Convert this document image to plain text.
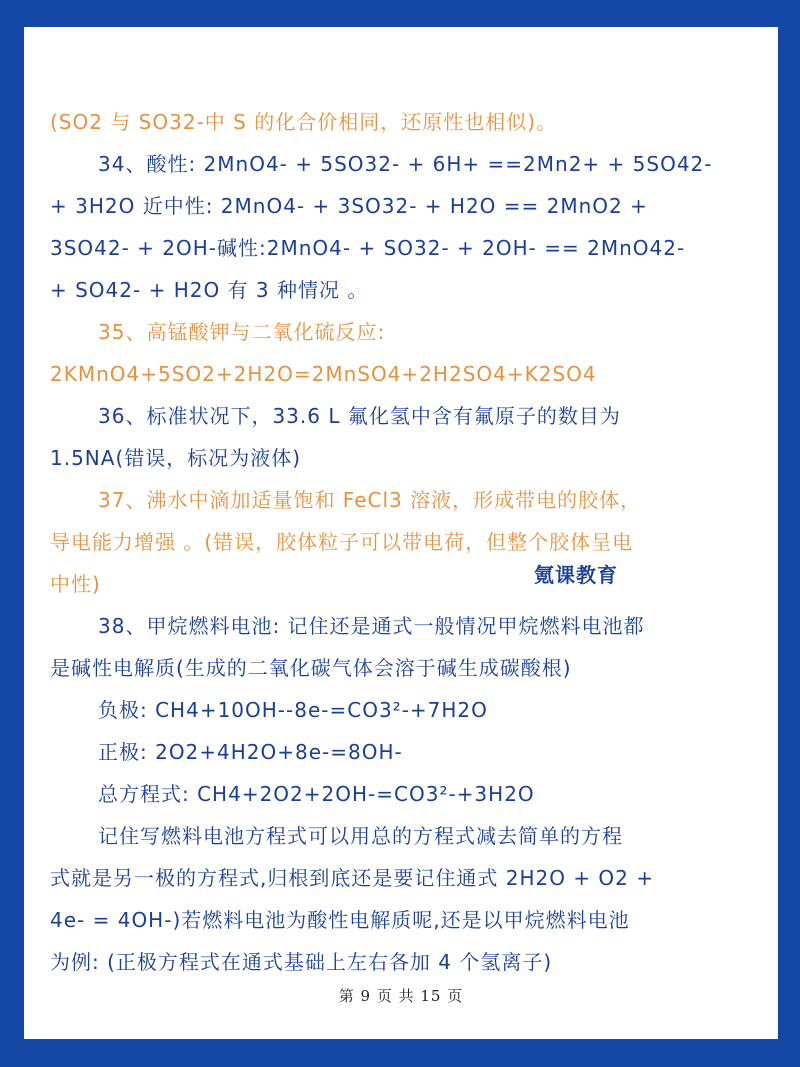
(SO2 与 SO32-中 S 的化合价相同，还原性也相似)。
34、酸性: 2MnO4- + 5SO32- + 6H+ ==2Mn2+ + 5SO42-
+ 3H2O 近中性: 2MnO4- + 3SO32- + H2O == 2MnO2 +
3SO42- + 2OH-碱性:2MnO4- + SO32- + 2OH- == 2MnO42-
+ SO42- + H2O 有 3 种情况 。
35、高锰酸钾与二氧化硫反应:
2KMnO4+5SO2+2H2O=2MnSO4+2H2SO4+K2SO4
36、标准状况下，33.6 L 氟化氢中含有氟原子的数目为
1.5NA(错误，标况为液体)
37、沸水中滴加适量饱和 FeCl3 溶液，形成带电的胶体，
导电能力增强 。(错误，胶体粒子可以带电荷，但整个胶体呈电
中性)
38、甲烷燃料电池: 记住还是通式一般情况甲烷燃料电池都
是碱性电解质(生成的二氧化碳气体会溶于碱生成碳酸根)
负极: CH4+10OH--8e-=CO3²-+7H2O
正极: 2O2+4H2O+8e-=8OH-
总方程式: CH4+2O2+2OH-=CO3²-+3H2O
记住写燃料电池方程式可以用总的方程式减去简单的方程
式就是另一极的方程式,归根到底还是要记住通式 2H2O + O2 +
4e- = 4OH-)若燃料电池为酸性电解质呢,还是以甲烷燃料电池
为例: (正极方程式在通式基础上左右各加 4 个氢离子)
氪课教育
第 9 页 共 15 页
